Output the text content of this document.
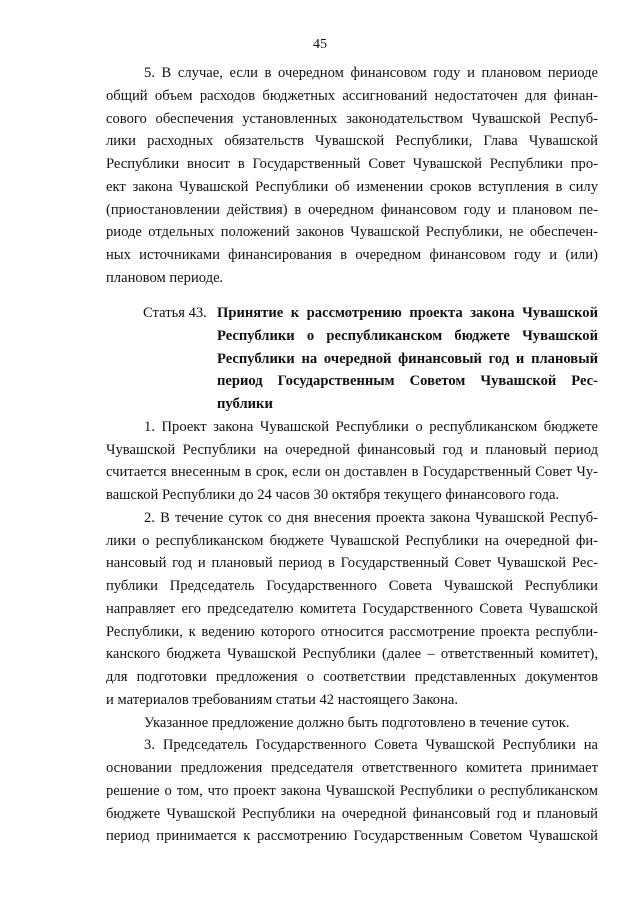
45
5. В случае, если в очередном финансовом году и плановом периоде
общий объем расходов бюджетных ассигнований недостаточен для финан-
сового обеспечения установленных законодательством Чувашской Респуб-
лики расходных обязательств Чувашской Республики, Глава Чувашской
Республики вносит в Государственный Совет Чувашской Республики про-
ект закона Чувашской Республики об изменении сроков вступления в силу
(приостановлении действия) в очередном финансовом году и плановом пе-
риоде отдельных положений законов Чувашской Республики, не обеспечен-
ных источниками финансирования в очередном финансовом году и (или)
плановом периоде.
Статья 43. Принятие к рассмотрению проекта закона Чувашской
Республики о республиканском бюджете Чувашской
Республики на очередной финансовый год и плановый
период Государственным Советом Чувашской Рес-
публики
1. Проект закона Чувашской Республики о республиканском бюджете
Чувашской Республики на очередной финансовый год и плановый период
считается внесенным в срок, если он доставлен в Государственный Совет Чу-
вашской Республики до 24 часов 30 октября текущего финансового года.
2. В течение суток со дня внесения проекта закона Чувашской Респуб-
лики о республиканском бюджете Чувашской Республики на очередной фи-
нансовый год и плановый период в Государственный Совет Чувашской Рес-
публики Председатель Государственного Совета Чувашской Республики
направляет его председателю комитета Государственного Совета Чувашской
Республики, к ведению которого относится рассмотрение проекта республи-
канского бюджета Чувашской Республики (далее – ответственный комитет),
для подготовки предложения о соответствии представленных документов
и материалов требованиям статьи 42 настоящего Закона.
Указанное предложение должно быть подготовлено в течение суток.
3. Председатель Государственного Совета Чувашской Республики на
основании предложения председателя ответственного комитета принимает
решение о том, что проект закона Чувашской Республики о республиканском
бюджете Чувашской Республики на очередной финансовый год и плановый
период принимается к рассмотрению Государственным Советом Чувашской
